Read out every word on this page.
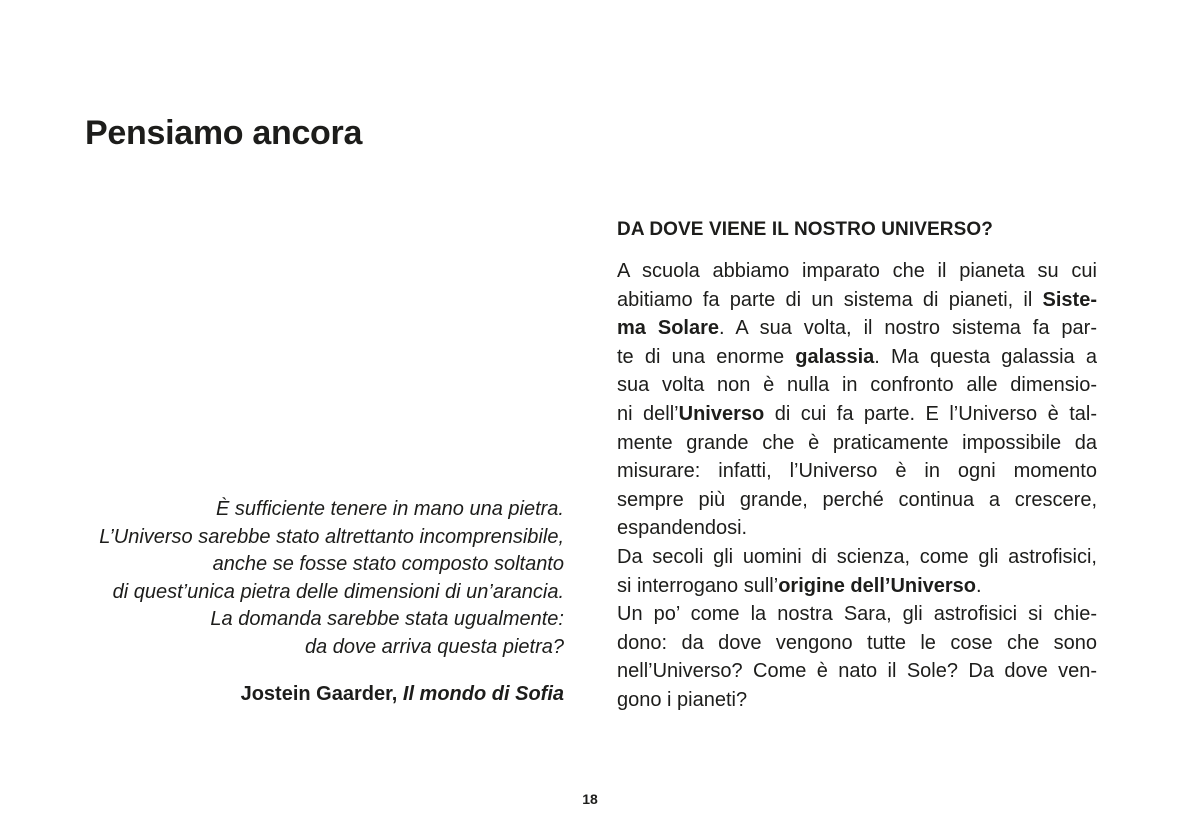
Pensiamo ancora
È sufficiente tenere in mano una pietra.
L’Universo sarebbe stato altrettanto incomprensibile,
anche se fosse stato composto soltanto
di quest’unica pietra delle dimensioni di un’arancia.
La domanda sarebbe stata ugualmente:
da dove arriva questa pietra?
Jostein Gaarder, Il mondo di Sofia
DA DOVE VIENE IL NOSTRO UNIVERSO?
A scuola abbiamo imparato che il pianeta su cui
abitiamo fa parte di un sistema di pianeti, il Siste-
ma Solare. A sua volta, il nostro sistema fa par-
te di una enorme galassia. Ma questa galassia a
sua volta non è nulla in confronto alle dimensio-
ni dell’Universo di cui fa parte. E l’Universo è tal-
mente grande che è praticamente impossibile da
misurare: infatti, l’Universo è in ogni momento
sempre più grande, perché continua a crescere,
espandendosi.
Da secoli gli uomini di scienza, come gli astrofisici,
si interrogano sull’origine dell’Universo.
Un po’ come la nostra Sara, gli astrofisici si chie-
dono: da dove vengono tutte le cose che sono
nell’Universo? Come è nato il Sole? Da dove ven-
gono i pianeti?
18
